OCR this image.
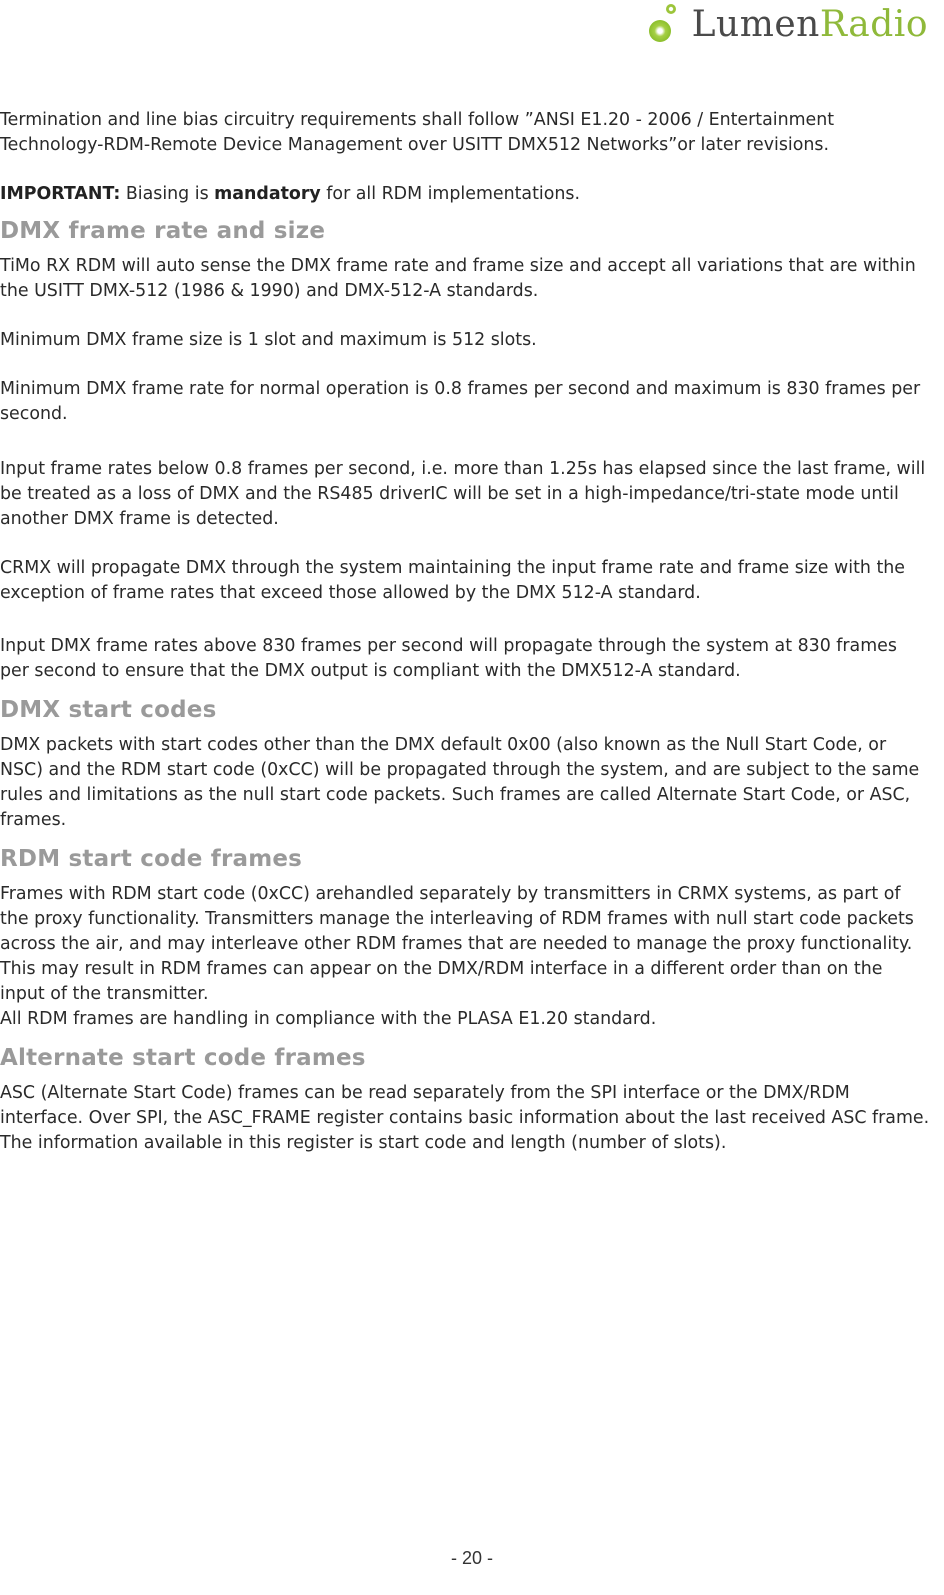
LumenRadio

Termination and line bias circuitry requirements shall follow ”ANSI E1.20 - 2006 / Entertainment Technology-RDM-Remote Device Management over USITT DMX512 Networks”or later revisions.

IMPORTANT: Biasing is mandatory for all RDM implementations.

DMX frame rate and size

TiMo RX RDM will auto sense the DMX frame rate and frame size and accept all variations that are within the USITT DMX-512 (1986 & 1990) and DMX-512-A standards.

Minimum DMX frame size is 1 slot and maximum is 512 slots.

Minimum DMX frame rate for normal operation is 0.8 frames per second and maximum is 830 frames per second.

Input frame rates below 0.8 frames per second, i.e. more than 1.25s has elapsed since the last frame, will be treated as a loss of DMX and the RS485 driverIC will be set in a high-impedance/tri-state mode until another DMX frame is detected.

CRMX will propagate DMX through the system maintaining the input frame rate and frame size with the exception of frame rates that exceed those allowed by the DMX 512-A standard.

Input DMX frame rates above 830 frames per second will propagate through the system at 830 frames per second to ensure that the DMX output is compliant with the DMX512-A standard.

DMX start codes

DMX packets with start codes other than the DMX default 0x00 (also known as the Null Start Code, or NSC) and the RDM start code (0xCC) will be propagated through the system, and are subject to the same rules and limitations as the null start code packets. Such frames are called Alternate Start Code, or ASC, frames.

RDM start code frames

Frames with RDM start code (0xCC) arehandled separately by transmitters in CRMX systems, as part of the proxy functionality. Transmitters manage the interleaving of RDM frames with null start code packets across the air, and may interleave other RDM frames that are needed to manage the proxy functionality. This may result in RDM frames can appear on the DMX/RDM interface in a different order than on the input of the transmitter.

All RDM frames are handling in compliance with the PLASA E1.20 standard.

Alternate start code frames

ASC (Alternate Start Code) frames can be read separately from the SPI interface or the DMX/RDM interface. Over SPI, the ASC_FRAME register contains basic information about the last received ASC frame. The information available in this register is start code and length (number of slots).

- 20 -
